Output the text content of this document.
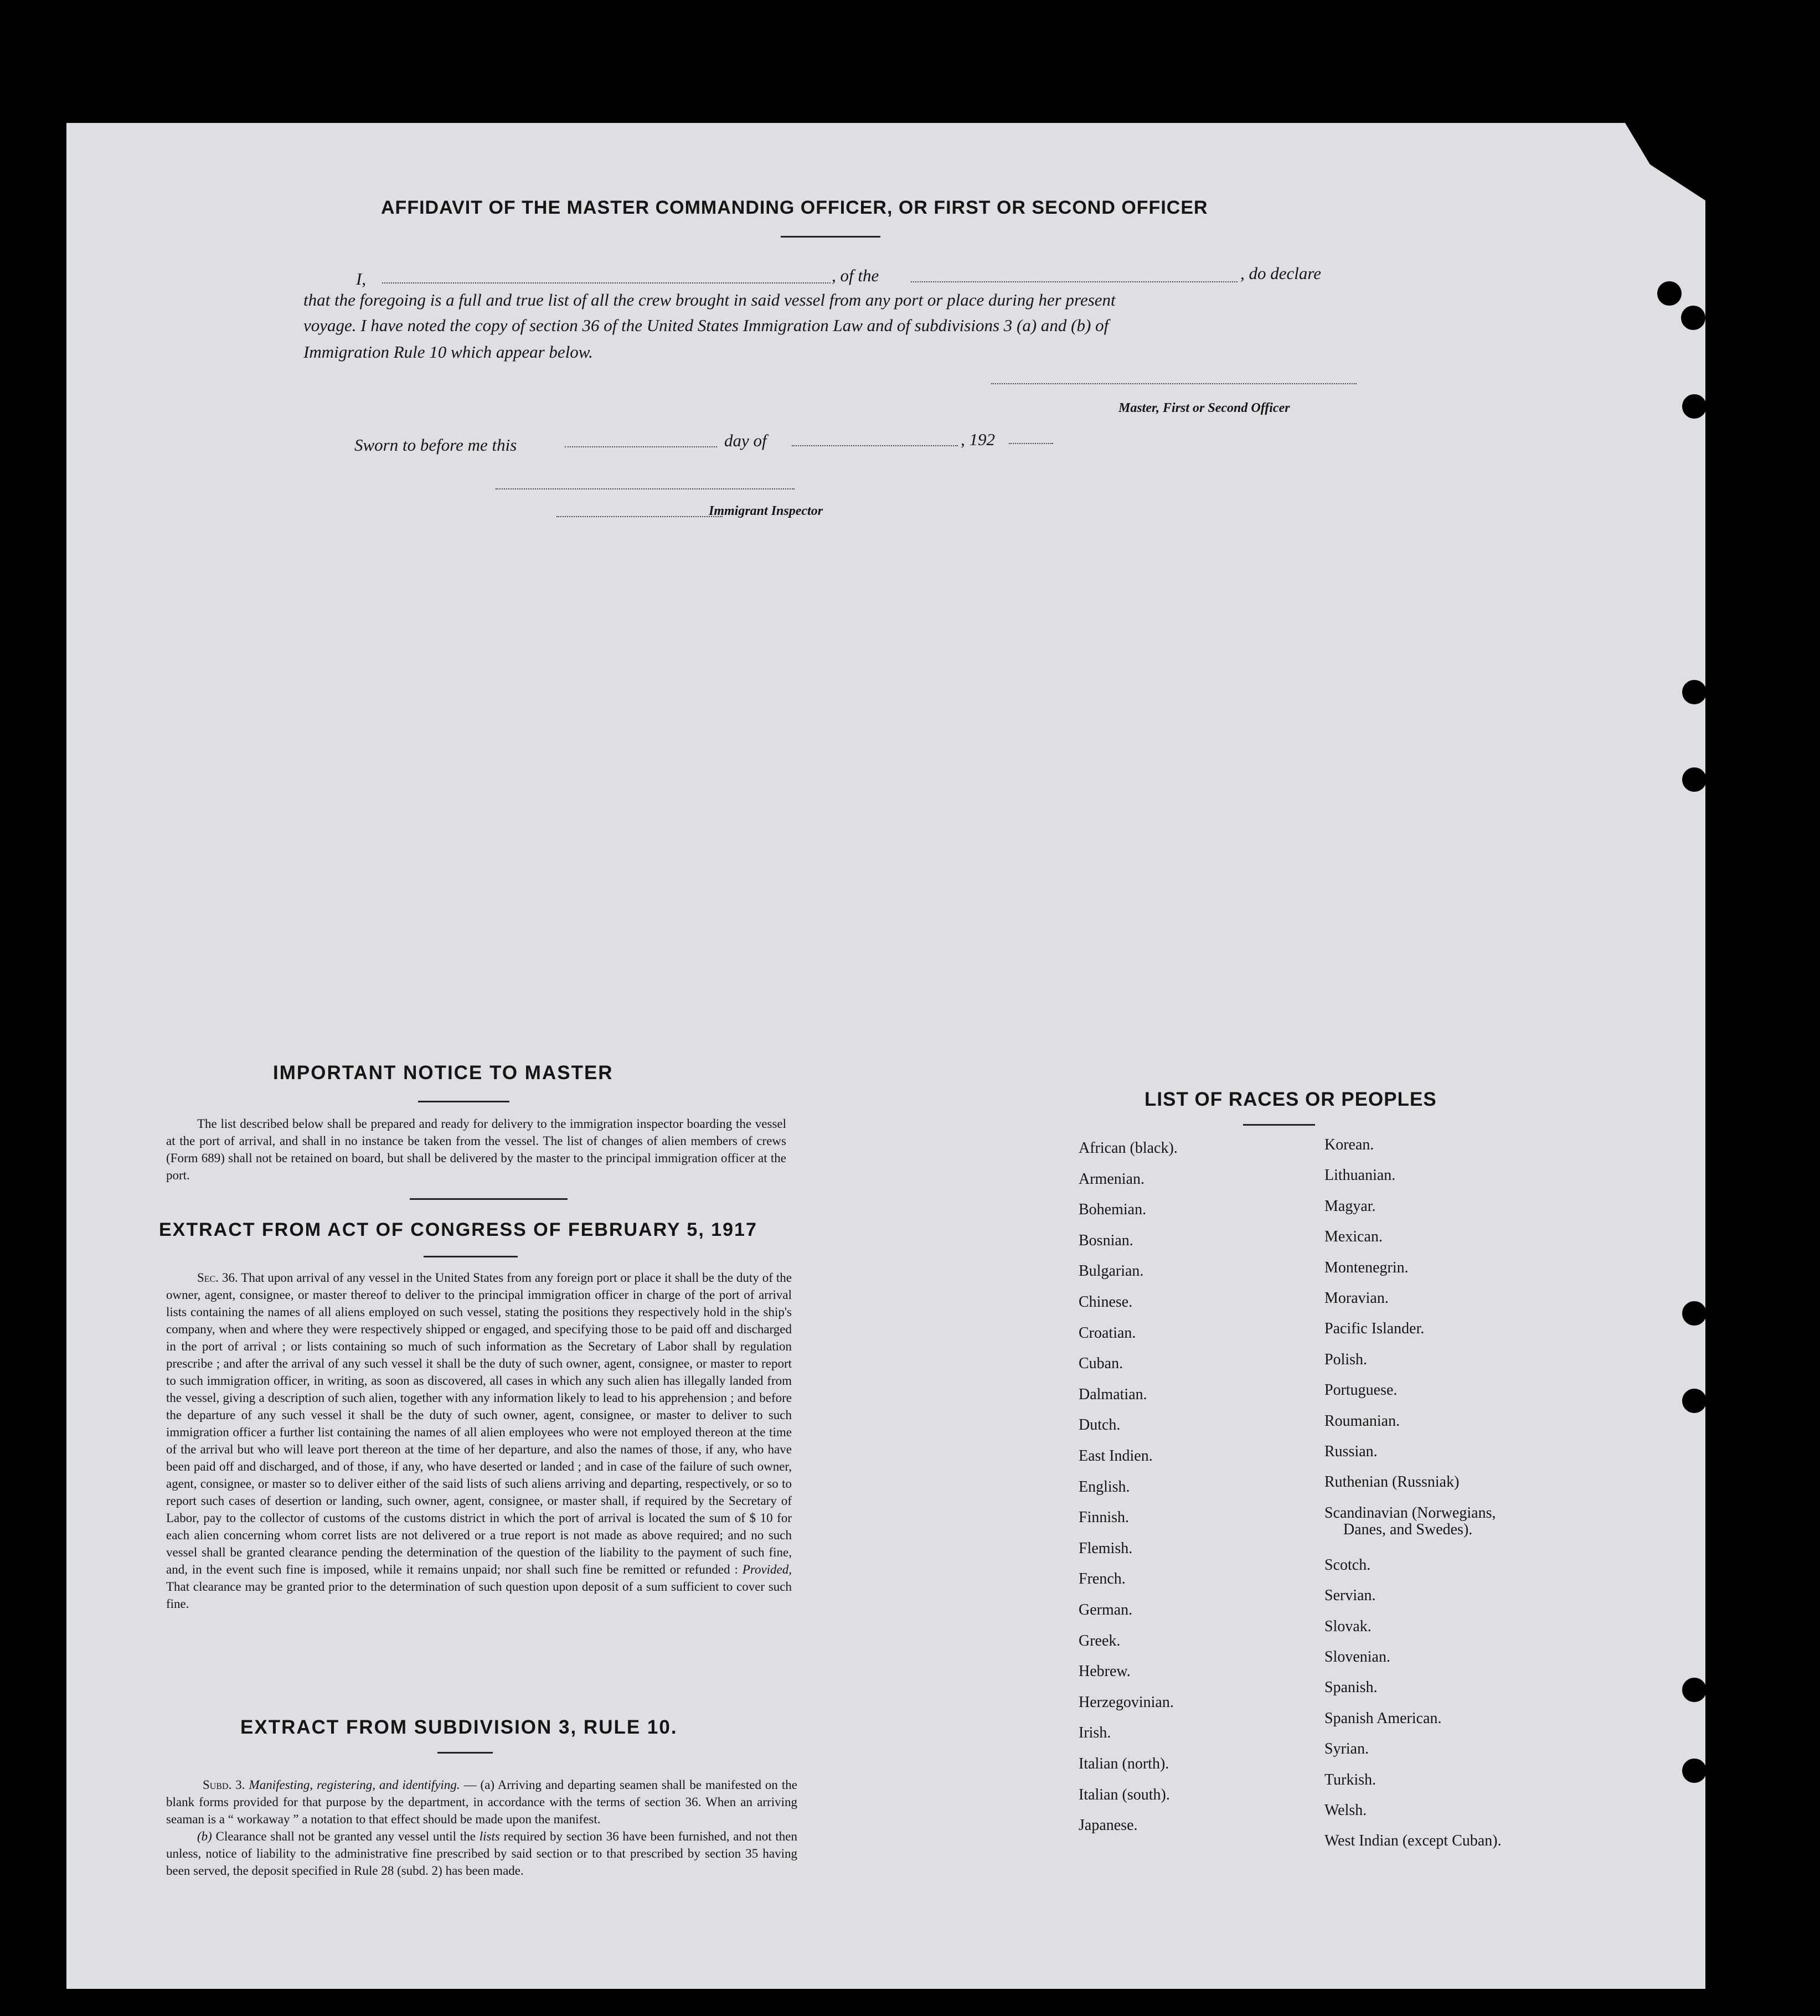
AFFIDAVIT OF THE MASTER COMMANDING OFFICER, OR FIRST OR SECOND OFFICER
I,	, of the	, do declare
that the foregoing is a full and true list of all the crew brought in said vessel from any port or place during her present
voyage. I have noted the copy of section 36 of the United States Immigration Law and of subdivisions 3 (a) and (b) of
Immigration Rule 10 which appear below.
Master, First or Second Officer
Sworn to before me this	day of	, 192
Immigrant Inspector
IMPORTANT NOTICE TO MASTER
The list described below shall be prepared and ready for delivery to the immigration inspector boarding the vessel at the port of arrival, and shall in no instance be taken from the vessel. The list of changes of alien members of crews (Form 689) shall not be retained on board, but shall be delivered by the master to the principal immigration officer at the port.
EXTRACT FROM ACT OF CONGRESS OF FEBRUARY 5, 1917
Sec. 36. That upon arrival of any vessel in the United States from any foreign port or place it shall be the duty of the owner, agent, consignee, or master thereof to deliver to the principal immigration officer in charge of the port of arrival lists containing the names of all aliens employed on such vessel, stating the positions they respectively hold in the ship's company, when and where they were respectively shipped or engaged, and specifying those to be paid off and discharged in the port of arrival ; or lists containing so much of such information as the Secretary of Labor shall by regulation prescribe ; and after the arrival of any such vessel it shall be the duty of such owner, agent, consignee, or master to report to such immigration officer, in writing, as soon as discovered, all cases in which any such alien has illegally landed from the vessel, giving a description of such alien, together with any information likely to lead to his apprehension ; and before the departure of any such vessel it shall be the duty of such owner, agent, consignee, or master to deliver to such immigration officer a further list containing the names of all alien employees who were not employed thereon at the time of the arrival but who will leave port thereon at the time of her departure, and also the names of those, if any, who have been paid off and discharged, and of those, if any, who have deserted or landed ; and in case of the failure of such owner, agent, consignee, or master so to deliver either of the said lists of such aliens arriving and departing, respectively, or so to report such cases of desertion or landing, such owner, agent, consignee, or master shall, if required by the Secretary of Labor, pay to the collector of customs of the customs district in which the port of arrival is located the sum of $ 10 for each alien concerning whom corret lists are not delivered or a true report is not made as above required; and no such vessel shall be granted clearance pending the determination of the question of the liability to the payment of such fine, and, in the event such fine is imposed, while it remains unpaid; nor shall such fine be remitted or refunded : Provided, That clearance may be granted prior to the determination of such question upon deposit of a sum sufficient to cover such fine.
EXTRACT FROM SUBDIVISION 3, RULE 10.
Subd. 3. Manifesting, registering, and identifying. — (a) Arriving and departing seamen shall be manifested on the blank forms provided for that purpose by the department, in accordance with the terms of section 36. When an arriving seaman is a “ workaway ” a notation to that effect should be made upon the manifest.
(b) Clearance shall not be granted any vessel until the lists required by section 36 have been furnished, and not then unless, notice of liability to the administrative fine prescribed by said section or to that prescribed by section 35 having been served, the deposit specified in Rule 28 (subd. 2) has been made.
LIST OF RACES OR PEOPLES
African (black).
Armenian.
Bohemian.
Bosnian.
Bulgarian.
Chinese.
Croatian.
Cuban.
Dalmatian.
Dutch.
East Indien.
English.
Finnish.
Flemish.
French.
German.
Greek.
Hebrew.
Herzegovinian.
Irish.
Italian (north).
Italian (south).
Japanese.
Korean.
Lithuanian.
Magyar.
Mexican.
Montenegrin.
Moravian.
Pacific Islander.
Polish.
Portuguese.
Roumanian.
Russian.
Ruthenian (Russniak)
Scandinavian (Norwegians,
Danes, and Swedes).
Scotch.
Servian.
Slovak.
Slovenian.
Spanish.
Spanish American.
Syrian.
Turkish.
Welsh.
West Indian (except Cuban).
